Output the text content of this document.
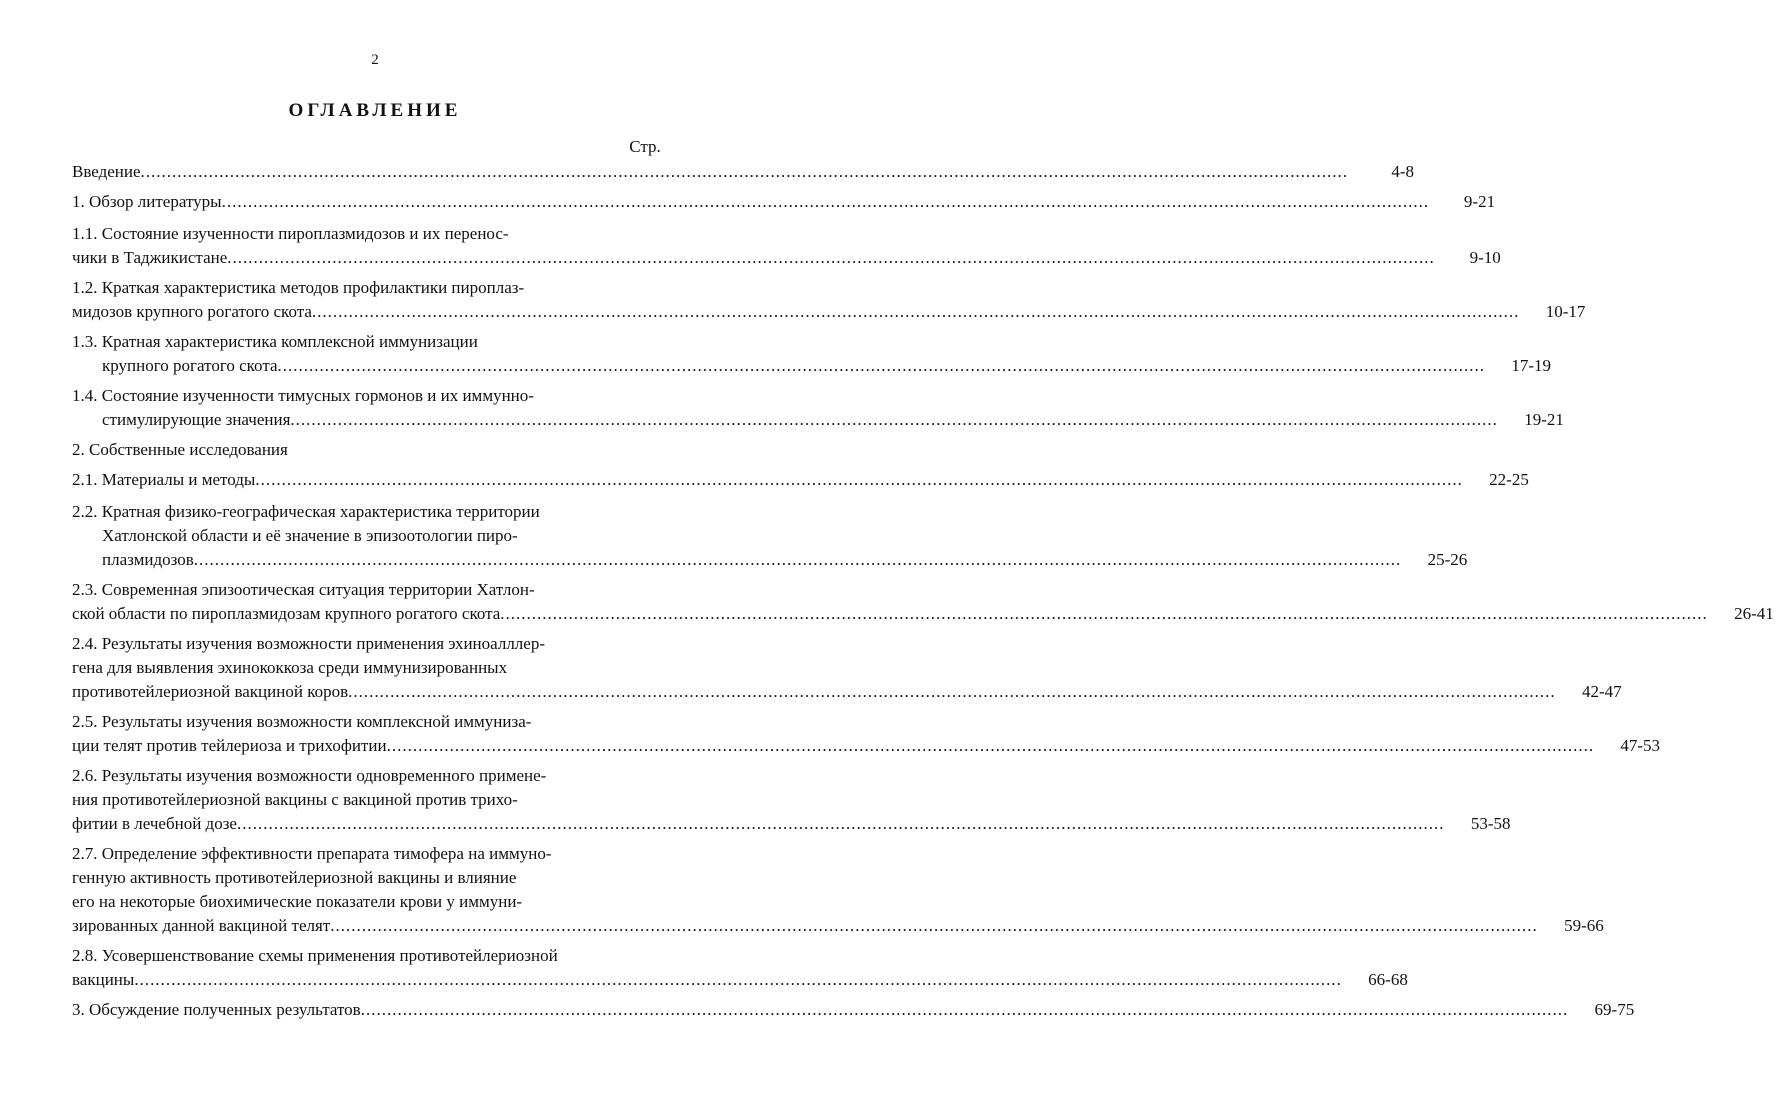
2
ОГЛАВЛЕНИЕ
Стр.
Введение .....	4-8
1. Обзор литературы .....	9-21
1.1. Состояние изученности пироплазмидозов и их перенос-
чики в Таджикистане .....	9-10
1.2. Краткая характеристика методов профилактики пироплаз-
мидозов крупного рогатого скота .....	10-17
1.3. Кратная характеристика комплексной иммунизации
крупного рогатого скота .....	17-19
1.4. Состояние изученности тимусных гормонов и их иммунно-
стимулирующие значения .....	19-21
2. Собственные исследования
2.1. Материалы и методы .....	22-25
2.2. Кратная физико-географическая характеристика территории
Хатлонской области и её значение в эпизоотологии пиро-
плазмидозов .....	25-26
2.3. Современная эпизоотическая ситуация территории Хатлон-
ской области по пироплазмидозам крупного рогатого скота .....	26-41
2.4. Результаты изучения возможности применения эхиноалллер-
гена для выявления эхинококкоза среди иммунизированных
противотейлериозной вакциной коров .....	42-47
2.5. Результаты изучения возможности комплексной иммуниза-
ции телят против тейлериоза и трихофитии .....	47-53
2.6. Результаты изучения возможности одновременного примене-
ния противотейлериозной вакцины с вакциной против трихо-
фитии в лечебной дозе .....	53-58
2.7. Определение эффективности препарата тимофера на иммуно-
генную активность противотейлериозной вакцины и влияние
его на некоторые биохимические показатели крови у иммуни-
зированных данной вакциной телят .....	59-66
2.8. Усовершенствование схемы применения противотейлериозной
вакцины .....	66-68
3. Обсуждение полученных результатов .....	69-75
